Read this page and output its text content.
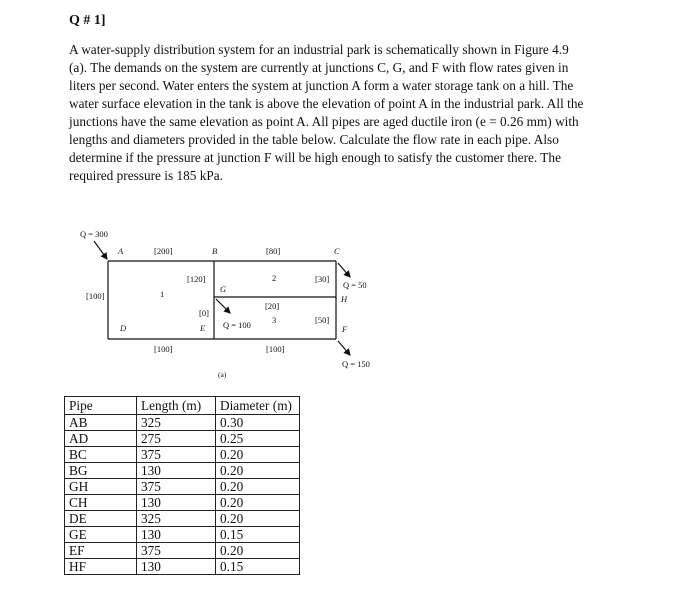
Q # 1]

A water-supply distribution system for an industrial park is schematically shown in Figure 4.9
(a). The demands on the system are currently at junctions C, G, and F with flow rates given in
liters per second. Water enters the system at junction A form a water storage tank on a hill. The
water surface elevation in the tank is above the elevation of point A in the industrial park. All the
junctions have the same elevation as point A. All pipes are aged ductile iron (e = 0.26 mm) with
lengths and diameters provided in the table below. Calculate the flow rate in each pipe. Also
determine if the pressure at junction F will be high enough to satisfy the customer there. The
required pressure is 185 kPa.

Q = 300
A	B	C
G
H
D	E	F
1
2
3
[200]	[80]
[120]
[0]
[100]
[20]
[30]
[50]
[100]	[100]
Q = 100
Q = 50
Q = 150
(a)
Pipe	Length (m)	Diameter (m)
AB	325	0.30
AD	275	0.25
BC	375	0.20
BG	130	0.20
GH	375	0.20
CH	130	0.20
DE	325	0.20
GE	130	0.15
EF	375	0.20
HF	130	0.15
